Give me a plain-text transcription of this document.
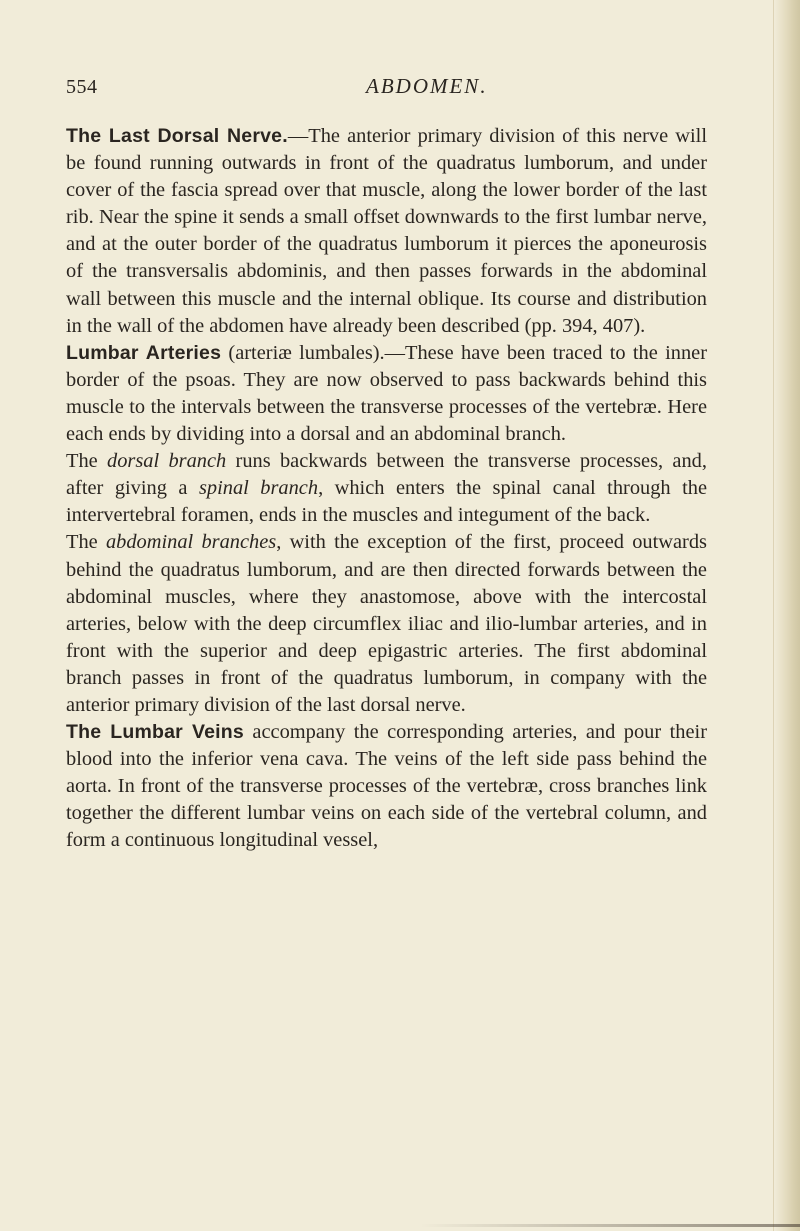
554	ABDOMEN.

The Last Dorsal Nerve.—The anterior primary division of this nerve will be found running outwards in front of the quadratus lumborum, and under cover of the fascia spread over that muscle, along the lower border of the last rib. Near the spine it sends a small offset downwards to the first lumbar nerve, and at the outer border of the quadratus lumborum it pierces the aponeurosis of the transversalis abdominis, and then passes forwards in the abdominal wall between this muscle and the internal oblique. Its course and distribution in the wall of the abdomen have already been described (pp. 394, 407).

Lumbar Arteries (arteriæ lumbales).—These have been traced to the inner border of the psoas. They are now observed to pass backwards behind this muscle to the intervals between the transverse processes of the vertebræ. Here each ends by dividing into a dorsal and an abdominal branch.

The dorsal branch runs backwards between the transverse processes, and, after giving a spinal branch, which enters the spinal canal through the intervertebral foramen, ends in the muscles and integument of the back.

The abdominal branches, with the exception of the first, proceed outwards behind the quadratus lumborum, and are then directed forwards between the abdominal muscles, where they anastomose, above with the intercostal arteries, below with the deep circumflex iliac and ilio-lumbar arteries, and in front with the superior and deep epigastric arteries. The first abdominal branch passes in front of the quadratus lumborum, in company with the anterior primary division of the last dorsal nerve.

The Lumbar Veins accompany the corresponding arteries, and pour their blood into the inferior vena cava. The veins of the left side pass behind the aorta. In front of the transverse processes of the vertebræ, cross branches link together the different lumbar veins on each side of the vertebral column, and form a continuous longitudinal vessel,
